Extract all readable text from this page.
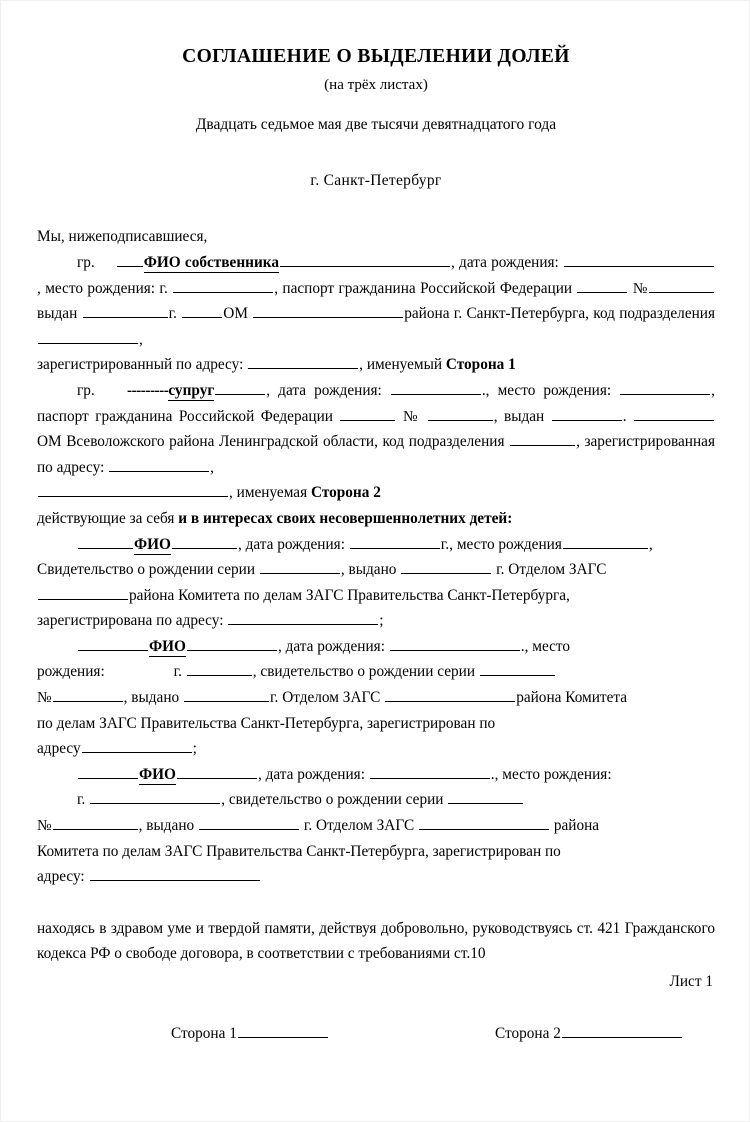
СОГЛАШЕНИЕ О ВЫДЕЛЕНИИ ДОЛЕЙ
(на трёх листах)
Двадцать седьмое мая две тысячи девятнадцатого года
г. Санкт-Петербург

Мы, нижеподписавшиеся,

гр.	ФИО собственника	, дата рождения: , место рождения: г.	, паспорт гражданина Российской Федерации	№ выдан	г.	ОМ	района г. Санкт-Петербурга, код подразделения ,

зарегистрированный по адресу:	, именуемый Сторона 1

гр. ---------супруг	, дата рождения:	., место рождения:	, паспорт гражданина Российской Федерации	№	, выдан	.  ОМ Всеволожского района Ленинградской области, код подразделения	, зарегистрированная по адресу:	,

, именуемая Сторона 2

действующие за себя и в интересах своих несовершеннолетних детей:

ФИО	, дата рождения:	г., место рождения	,

Свидетельство о рождении серии	, выдано	г. Отделом ЗАГС

района Комитета по делам ЗАГС Правительства Санкт-Петербурга,

зарегистрирована по адресу:	;

ФИО	, дата рождения:	., место

рождения:	г.	, свидетельство о рождении серии

№	, выдано	г. Отделом ЗАГС	района Комитета

по делам ЗАГС Правительства Санкт-Петербурга, зарегистрирован по

адресу	;

ФИО	, дата рождения:	., место рождения:

г.	, свидетельство о рождении серии

№	, выдано	г. Отделом ЗАГС	района

Комитета по делам ЗАГС Правительства Санкт-Петербурга, зарегистрирован по

адресу:

находясь в здравом уме и твердой памяти, действуя добровольно, руководствуясь ст. 421 Гражданского кодекса РФ о свободе договора, в соответствии с требованиями ст.10

Лист 1
Сторона 1	Сторона 2
